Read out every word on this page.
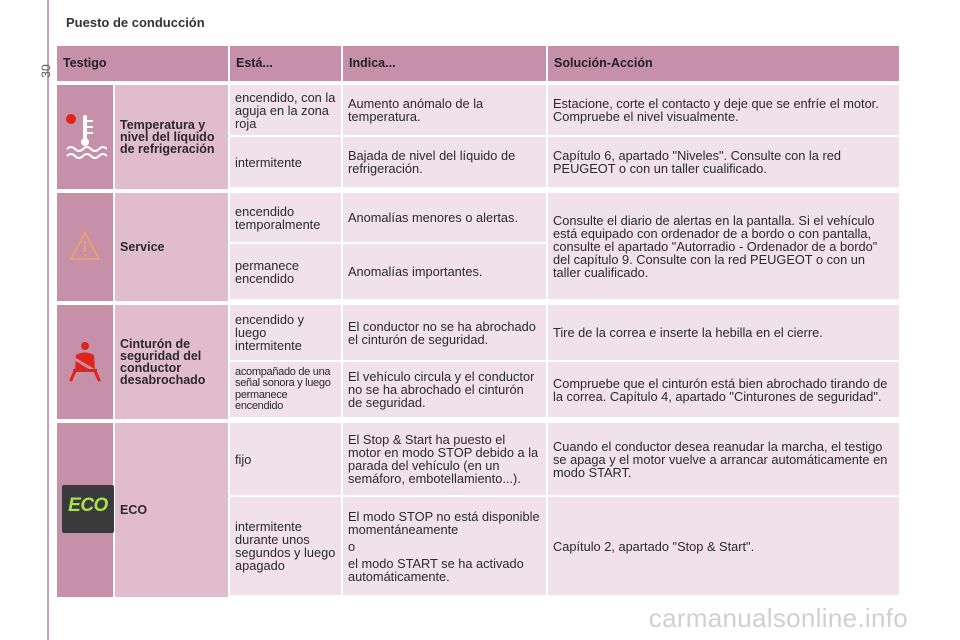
30
Puesto de conducción
Testigo		Está...	Indica...	Solución-Acción

	Temperatura y nivel del líquido de refrigeración	encendido, con la aguja en la zona roja	Aumento anómalo de la temperatura.	Estacione, corte el contacto y deje que se enfríe el motor. Compruebe el nivel visualmente.
		intermitente	Bajada de nivel del líquido de refrigeración.	Capítulo 6, apartado "Niveles". Consulte con la red PEUGEOT o con un taller cualificado.

	Service	encendido temporalmente	Anomalías menores o alertas.	Consulte el diario de alertas en la pantalla. Si el vehículo está equipado con ordenador de a bordo o con pantalla, consulte el apartado "Autorradio - Ordenador de a bordo" del capítulo 9. Consulte con la red PEUGEOT o con un taller cualificado.
		permanece encendido	Anomalías importantes.	

	Cinturón de seguridad del conductor desabrochado	encendido y luego intermitente	El conductor no se ha abrochado el cinturón de seguridad.	Tire de la correa e inserte la hebilla en el cierre.
		acompañado de una señal sonora y luego permanece encendido	El vehículo circula y el conductor no se ha abrochado el cinturón de seguridad.	Compruebe que el cinturón está bien abrochado tirando de la correa. Capítulo 4, apartado "Cinturones de seguridad".

ECO	ECO	fijo	El Stop & Start ha puesto el motor en modo STOP debido a la parada del vehículo (en un semáforo, embotellamiento...).	Cuando el conductor desea reanudar la marcha, el testigo se apaga y el motor vuelve a arrancar automáticamente en modo START.
		intermitente durante unos segundos y luego apagado	El modo STOP no está disponible momentáneamente

o

el modo START se ha activado automáticamente.	Capítulo 2, apartado "Stop & Start".
carmanualsonline.info
